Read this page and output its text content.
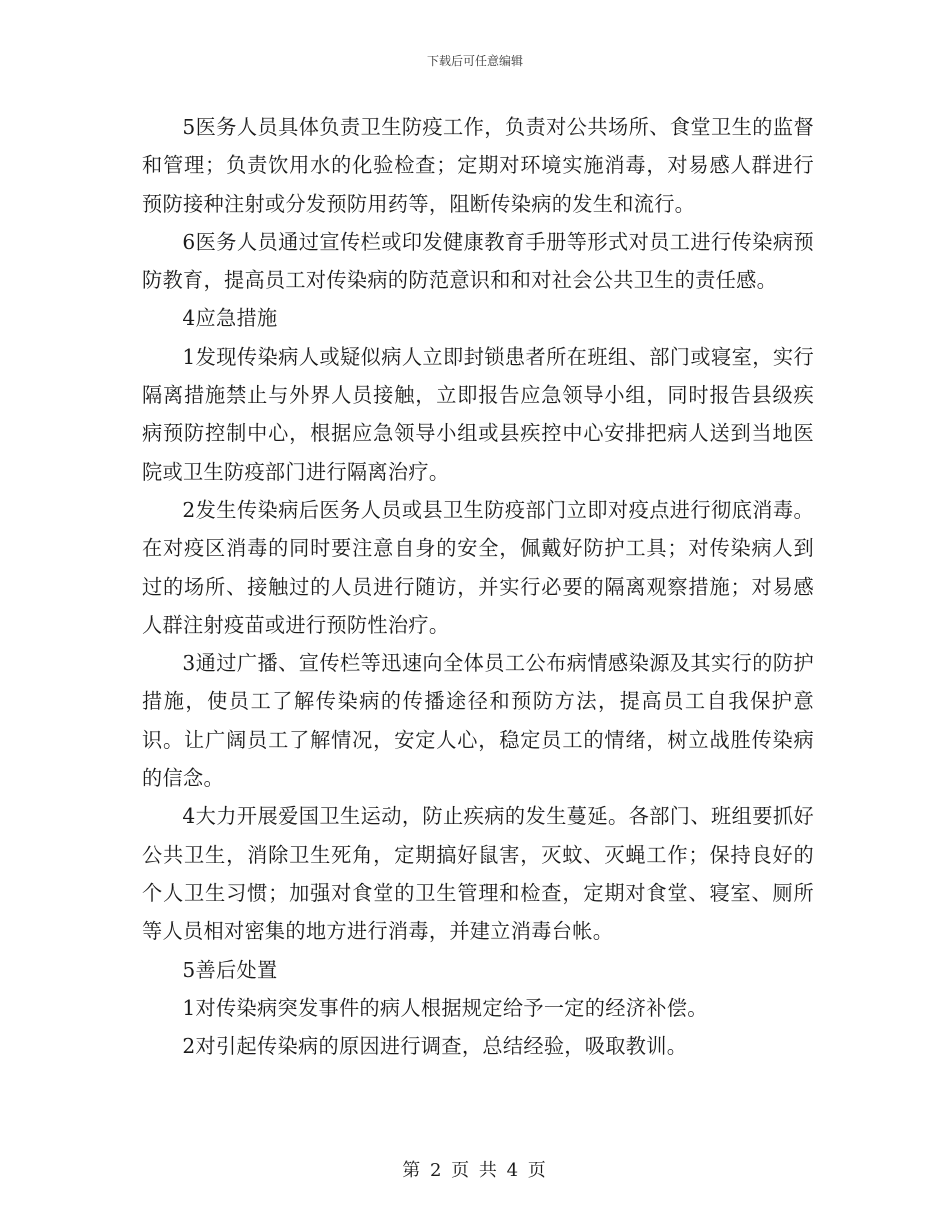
下载后可任意编辑

5医务人员具体负责卫生防疫工作，负责对公共场所、食堂卫生的监督和管理；负责饮用水的化验检查；定期对环境实施消毒，对易感人群进行预防接种注射或分发预防用药等，阻断传染病的发生和流行。

6医务人员通过宣传栏或印发健康教育手册等形式对员工进行传染病预防教育，提高员工对传染病的防范意识和和对社会公共卫生的责任感。

4应急措施

1发现传染病人或疑似病人立即封锁患者所在班组、部门或寝室，实行隔离措施禁止与外界人员接触，立即报告应急领导小组，同时报告县级疾病预防控制中心，根据应急领导小组或县疾控中心安排把病人送到当地医院或卫生防疫部门进行隔离治疗。

2发生传染病后医务人员或县卫生防疫部门立即对疫点进行彻底消毒。在对疫区消毒的同时要注意自身的安全，佩戴好防护工具；对传染病人到过的场所、接触过的人员进行随访，并实行必要的隔离观察措施；对易感人群注射疫苗或进行预防性治疗。

3通过广播、宣传栏等迅速向全体员工公布病情感染源及其实行的防护措施，使员工了解传染病的传播途径和预防方法，提高员工自我保护意识。让广阔员工了解情况，安定人心，稳定员工的情绪，树立战胜传染病的信念。

4大力开展爱国卫生运动，防止疾病的发生蔓延。各部门、班组要抓好公共卫生，消除卫生死角，定期搞好鼠害，灭蚊、灭蝇工作；保持良好的个人卫生习惯；加强对食堂的卫生管理和检查，定期对食堂、寝室、厕所等人员相对密集的地方进行消毒，并建立消毒台帐。

5善后处置

1对传染病突发事件的病人根据规定给予一定的经济补偿。

2对引起传染病的原因进行调查，总结经验，吸取教训。

第 2 页 共 4 页
